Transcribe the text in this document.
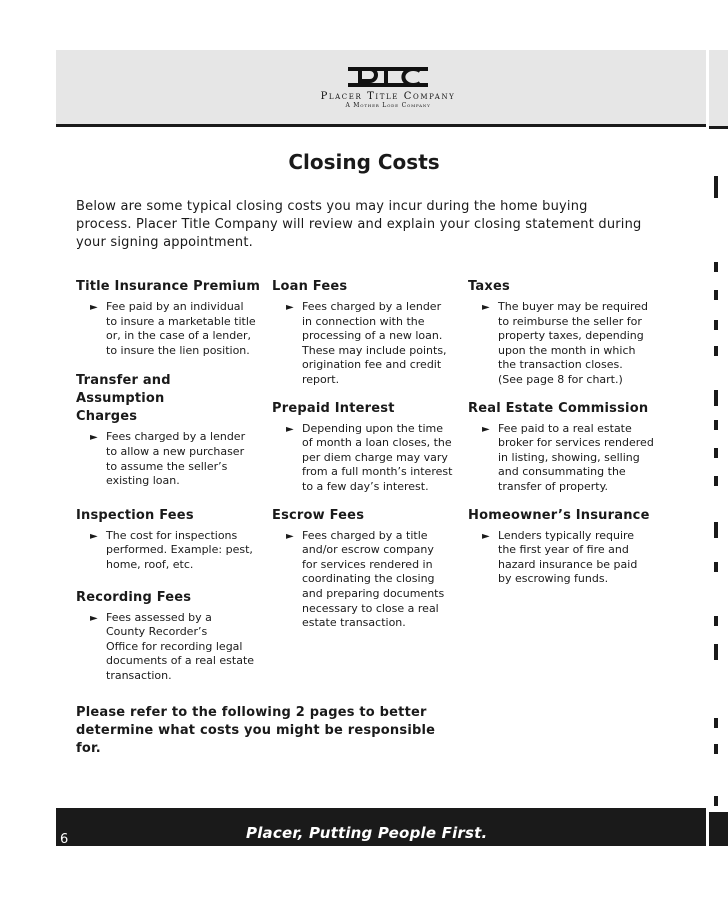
Placer Title Company
A Mother Lode Company
Closing Costs
Below are some typical closing costs you may incur during the home buying process. Placer Title Company will review and explain your closing statement during your signing appointment.
Title Insurance Premium
► Fee paid by an individual
to insure a marketable title
or, in the case of a lender,
to insure the lien position.
Transfer and Assumption Charges
► Fees charged by a lender
to allow a new purchaser
to assume the seller’s
existing loan.
Inspection Fees
► The cost for inspections
performed. Example: pest,
home, roof, etc.
Recording Fees
► Fees assessed by a
County Recorder’s
Office for recording legal
documents of a real estate
transaction.
Loan Fees
► Fees charged by a lender
in connection with the
processing of a new loan.
These may include points,
origination fee and credit
report.
Prepaid Interest
► Depending upon the time
of month a loan closes, the
per diem charge may vary
from a full month’s interest
to a few day’s interest.
Escrow Fees
► Fees charged by a title
and/or escrow company
for services rendered in
coordinating the closing
and preparing documents
necessary to close a real
estate transaction.
Taxes
► The buyer may be required
to reimburse the seller for
property taxes, depending
upon the month in which
the transaction closes.
(See page 8 for chart.)
Real Estate Commission
► Fee paid to a real estate
broker for services rendered
in listing, showing, selling
and consummating the
transfer of property.
Homeowner’s Insurance
► Lenders typically require
the first year of fire and
hazard insurance be paid
by escrowing funds.
Please refer to the following 2 pages to better determine what costs you might be responsible for.
6	Placer, Putting People First.
